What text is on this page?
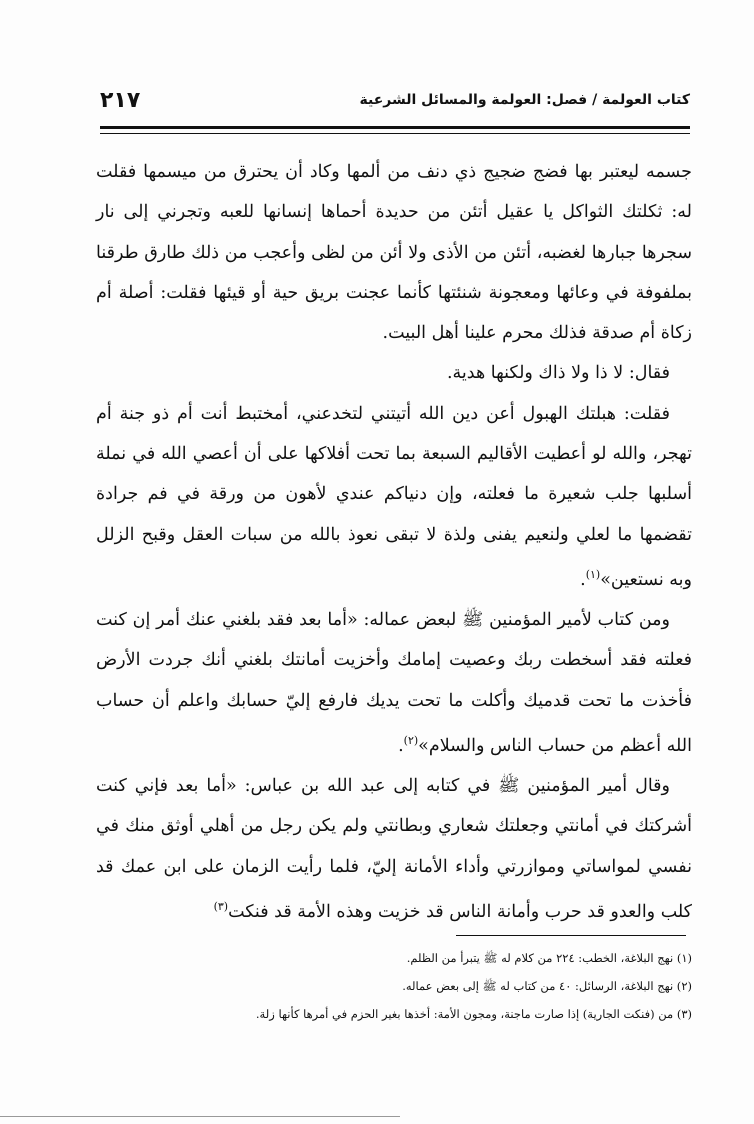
كتاب العولمة / فصل: العولمة والمسائل الشرعية
٢١٧

جسمه ليعتبر بها فضج ضجيج ذي دنف من ألمها وكاد أن يحترق من ميسمها فقلت له: ثكلتك الثواكل يا عقيل أتئن من حديدة أحماها إنسانها للعبه وتجرني إلى نار سجرها جبارها لغضبه، أتئن من الأذى ولا أئن من لظى وأعجب من ذلك طارق طرقنا بملفوفة في وعائها ومعجونة شنئتها كأنما عجنت بريق حية أو قيئها فقلت: أصلة أم زكاة أم صدقة فذلك محرم علينا أهل البيت.

فقال: لا ذا ولا ذاك ولكنها هدية.

فقلت: هبلتك الهبول أعن دين الله أتيتني لتخدعني، أمختبط أنت أم ذو جنة أم تهجر، والله لو أعطيت الأقاليم السبعة بما تحت أفلاكها على أن أعصي الله في نملة أسلبها جلب شعيرة ما فعلته، وإن دنياكم عندي لأهون من ورقة في فم جرادة تقضمها ما لعلي ولنعيم يفنى ولذة لا تبقى نعوذ بالله من سبات العقل وقبح الزلل وبه نستعين»$^{(١)}$.

ومن كتاب لأمير المؤمنين ﷺ لبعض عماله: «أما بعد فقد بلغني عنك أمر إن كنت فعلته فقد أسخطت ربك وعصيت إمامك وأخزيت أمانتك بلغني أنك جردت الأرض فأخذت ما تحت قدميك وأكلت ما تحت يديك فارفع إليّ حسابك واعلم أن حساب الله أعظم من حساب الناس والسلام»$^{(٢)}$.

وقال أمير المؤمنين ﷺ في كتابه إلى عبد الله بن عباس: «أما بعد فإني كنت أشركتك في أمانتي وجعلتك شعاري وبطانتي ولم يكن رجل من أهلي أوثق منك في نفسي لمواساتي وموازرتي وأداء الأمانة إليّ، فلما رأيت الزمان على ابن عمك قد كلب والعدو قد حرب وأمانة الناس قد خزيت وهذه الأمة قد فنكت$^{(٣)}$

(١) نهج البلاغة، الخطب: ٢٢٤ من كلام له ﷺ يتبرأ من الظلم.
(٢) نهج البلاغة، الرسائل: ٤٠ من كتاب له ﷺ إلى بعض عماله.
(٣) من (فنكت الجارية) إذا صارت ماجنة، ومجون الأمة: أخذها بغير الحزم في أمرها كأنها زلة.
